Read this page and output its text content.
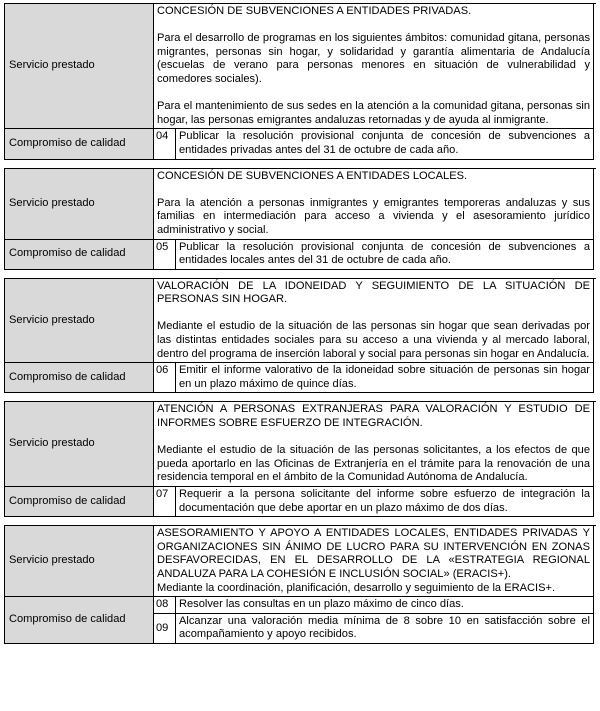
Servicio prestado

CONCESIÓN DE SUBVENCIONES A ENTIDADES PRIVADAS.

Para el desarrollo de programas en los siguientes ámbitos: comunidad gitana, personas migrantes, personas sin hogar, y solidaridad y garantía alimentaria de Andalucía (escuelas de verano para personas menores en situación de vulnerabilidad y comedores sociales).

Para el mantenimiento de sus sedes en la atención a la comunidad gitana, personas sin hogar, las personas emigrantes andaluzas retornadas y de ayuda al inmigrante.

Compromiso de calidad
04 Publicar la resolución provisional conjunta de concesión de subvenciones a entidades privadas antes del 31 de octubre de cada año.
Servicio prestado

CONCESIÓN DE SUBVENCIONES A ENTIDADES LOCALES.

Para la atención a personas inmigrantes y emigrantes temporeras andaluzas y sus familias en intermediación para acceso a vivienda y el asesoramiento jurídico administrativo y social.

Compromiso de calidad
05 Publicar la resolución provisional conjunta de concesión de subvenciones a entidades locales antes del 31 de octubre de cada año.
Servicio prestado

VALORACIÓN DE LA IDONEIDAD Y SEGUIMIENTO DE LA SITUACIÓN DE PERSONAS SIN HOGAR.

Mediante el estudio de la situación de las personas sin hogar que sean derivadas por las distintas entidades sociales para su acceso a una vivienda y al mercado laboral, dentro del programa de inserción laboral y social para personas sin hogar en Andalucía.

Compromiso de calidad
06 Emitir el informe valorativo de la idoneidad sobre situación de personas sin hogar en un plazo máximo de quince días.
Servicio prestado

ATENCIÓN A PERSONAS EXTRANJERAS PARA VALORACIÓN Y ESTUDIO DE INFORMES SOBRE ESFUERZO DE INTEGRACIÓN.

Mediante el estudio de la situación de las personas solicitantes, a los efectos de que pueda aportarlo en las Oficinas de Extranjería en el trámite para la renovación de una residencia temporal en el ámbito de la Comunidad Autónoma de Andalucía.

Compromiso de calidad
07 Requerir a la persona solicitante del informe sobre esfuerzo de integración la documentación que debe aportar en un plazo máximo de dos días.
Servicio prestado

ASESORAMIENTO Y APOYO A ENTIDADES LOCALES, ENTIDADES PRIVADAS Y ORGANIZACIONES SIN ÁNIMO DE LUCRO PARA SU INTERVENCIÓN EN ZONAS DESFAVORECIDAS, EN EL DESARROLLO DE LA «ESTRATEGIA REGIONAL ANDALUZA PARA LA COHESIÓN E INCLUSIÓN SOCIAL» (ERACIS+).

Mediante la coordinación, planificación, desarrollo y seguimiento de la ERACIS+.

Compromiso de calidad
08 Resolver las consultas en un plazo máximo de cinco días.
09
Alcanzar una valoración media mínima de 8 sobre 10 en satisfacción sobre el acompañamiento y apoyo recibidos.
